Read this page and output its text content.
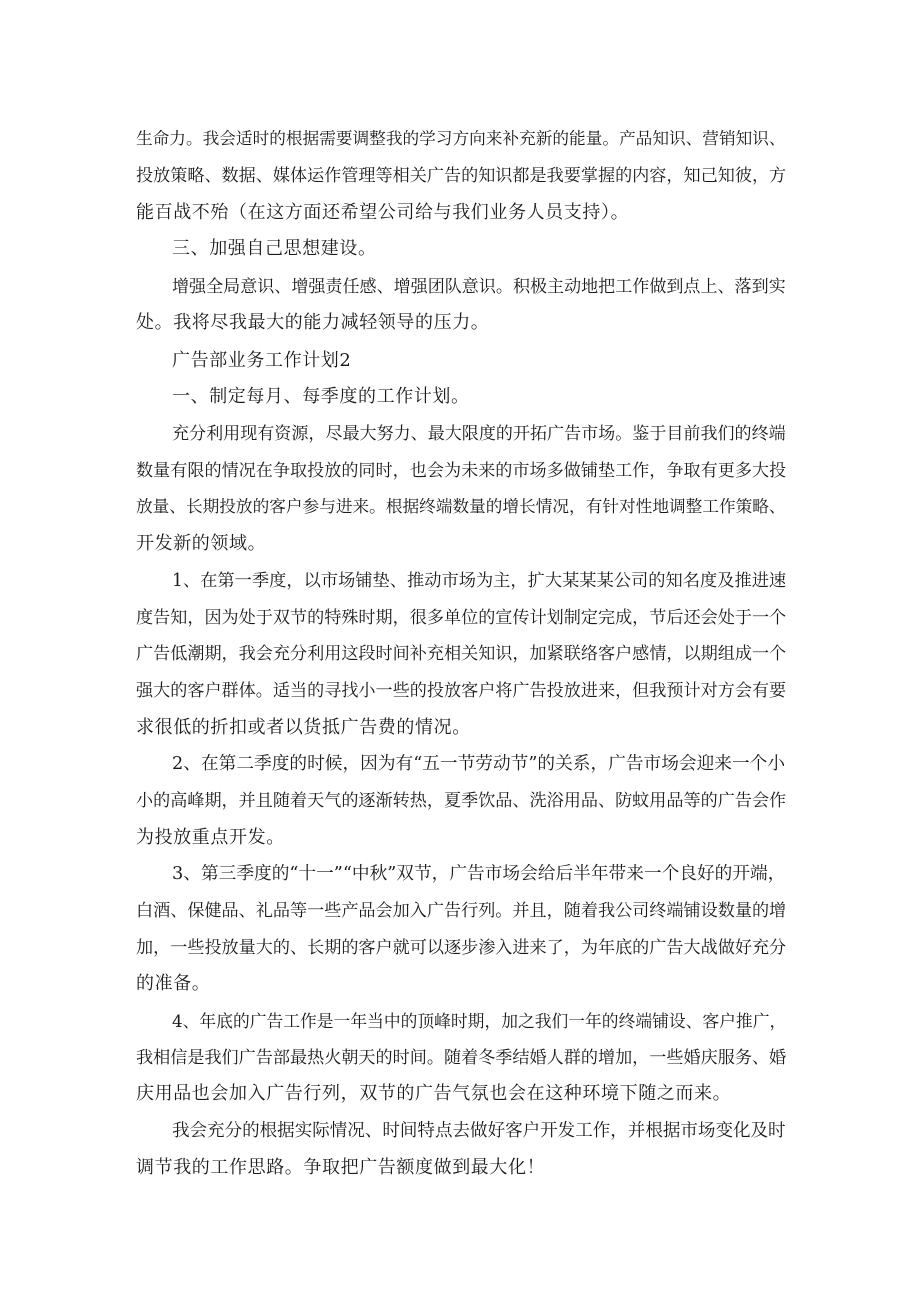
生命力。我会适时的根据需要调整我的学习方向来补充新的能量。产品知识、营销知识、

投放策略、数据、媒体运作管理等相关广告的知识都是我要掌握的内容，知己知彼，方

能百战不殆（在这方面还希望公司给与我们业务人员支持）。

三、加强自己思想建设。

增强全局意识、增强责任感、增强团队意识。积极主动地把工作做到点上、落到实

处。我将尽我最大的能力减轻领导的压力。

广告部业务工作计划2

一、制定每月、每季度的工作计划。

充分利用现有资源，尽最大努力、最大限度的开拓广告市场。鉴于目前我们的终端

数量有限的情况在争取投放的同时，也会为未来的市场多做铺垫工作，争取有更多大投

放量、长期投放的客户参与进来。根据终端数量的增长情况，有针对性地调整工作策略、

开发新的领域。

1、在第一季度，以市场铺垫、推动市场为主，扩大某某某公司的知名度及推进速

度告知，因为处于双节的特殊时期，很多单位的宣传计划制定完成，节后还会处于一个

广告低潮期，我会充分利用这段时间补充相关知识，加紧联络客户感情，以期组成一个

强大的客户群体。适当的寻找小一些的投放客户将广告投放进来，但我预计对方会有要

求很低的折扣或者以货抵广告费的情况。

2、在第二季度的时候，因为有“五一节劳动节”的关系，广告市场会迎来一个小

小的高峰期，并且随着天气的逐渐转热，夏季饮品、洗浴用品、防蚊用品等的广告会作

为投放重点开发。

3、第三季度的“十一”“中秋”双节，广告市场会给后半年带来一个良好的开端，

白酒、保健品、礼品等一些产品会加入广告行列。并且，随着我公司终端铺设数量的增

加，一些投放量大的、长期的客户就可以逐步渗入进来了，为年底的广告大战做好充分

的准备。

4、年底的广告工作是一年当中的顶峰时期，加之我们一年的终端铺设、客户推广，

我相信是我们广告部最热火朝天的时间。随着冬季结婚人群的增加，一些婚庆服务、婚

庆用品也会加入广告行列，双节的广告气氛也会在这种环境下随之而来。

我会充分的根据实际情况、时间特点去做好客户开发工作，并根据市场变化及时

调节我的工作思路。争取把广告额度做到最大化！
